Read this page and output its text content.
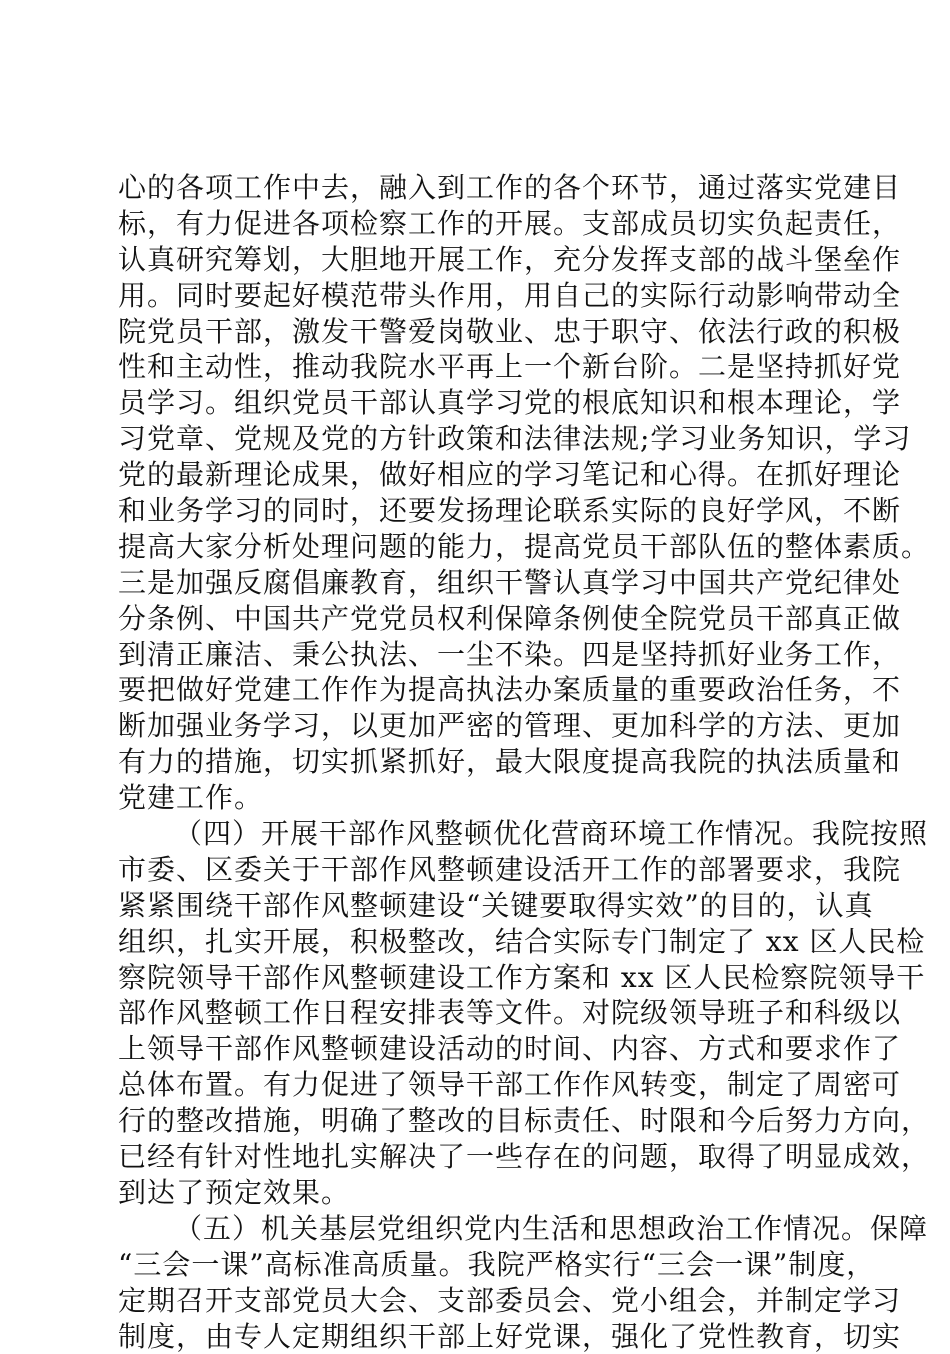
心的各项工作中去，融入到工作的各个环节，通过落实党建目
标，有力促进各项检察工作的开展。支部成员切实负起责任，
认真研究筹划，大胆地开展工作，充分发挥支部的战斗堡垒作
用。同时要起好模范带头作用，用自己的实际行动影响带动全
院党员干部，激发干警爱岗敬业、忠于职守、依法行政的积极
性和主动性，推动我院水平再上一个新台阶。二是坚持抓好党
员学习。组织党员干部认真学习党的根底知识和根本理论，学
习党章、党规及党的方针政策和法律法规;学习业务知识，学习
党的最新理论成果，做好相应的学习笔记和心得。在抓好理论
和业务学习的同时，还要发扬理论联系实际的良好学风，不断
提高大家分析处理问题的能力，提高党员干部队伍的整体素质。
三是加强反腐倡廉教育，组织干警认真学习中国共产党纪律处
分条例、中国共产党党员权利保障条例使全院党员干部真正做
到清正廉洁、秉公执法、一尘不染。四是坚持抓好业务工作，
要把做好党建工作作为提高执法办案质量的重要政治任务，不
断加强业务学习，以更加严密的管理、更加科学的方法、更加
有力的措施，切实抓紧抓好，最大限度提高我院的执法质量和
党建工作。
（四）开展干部作风整顿优化营商环境工作情况。我院按照
市委、区委关于干部作风整顿建设活开工作的部署要求，我院
紧紧围绕干部作风整顿建设“关键要取得实效”的目的，认真
组织，扎实开展，积极整改，结合实际专门制定了 xx 区人民检
察院领导干部作风整顿建设工作方案和 xx 区人民检察院领导干
部作风整顿工作日程安排表等文件。对院级领导班子和科级以
上领导干部作风整顿建设活动的时间、内容、方式和要求作了
总体布置。有力促进了领导干部工作作风转变，制定了周密可
行的整改措施，明确了整改的目标责任、时限和今后努力方向，
已经有针对性地扎实解决了一些存在的问题，取得了明显成效，
到达了预定效果。
（五）机关基层党组织党内生活和思想政治工作情况。保障
“三会一课”高标准高质量。我院严格实行“三会一课”制度，
定期召开支部党员大会、支部委员会、党小组会，并制定学习
制度，由专人定期组织干部上好党课，强化了党性教育，切实
